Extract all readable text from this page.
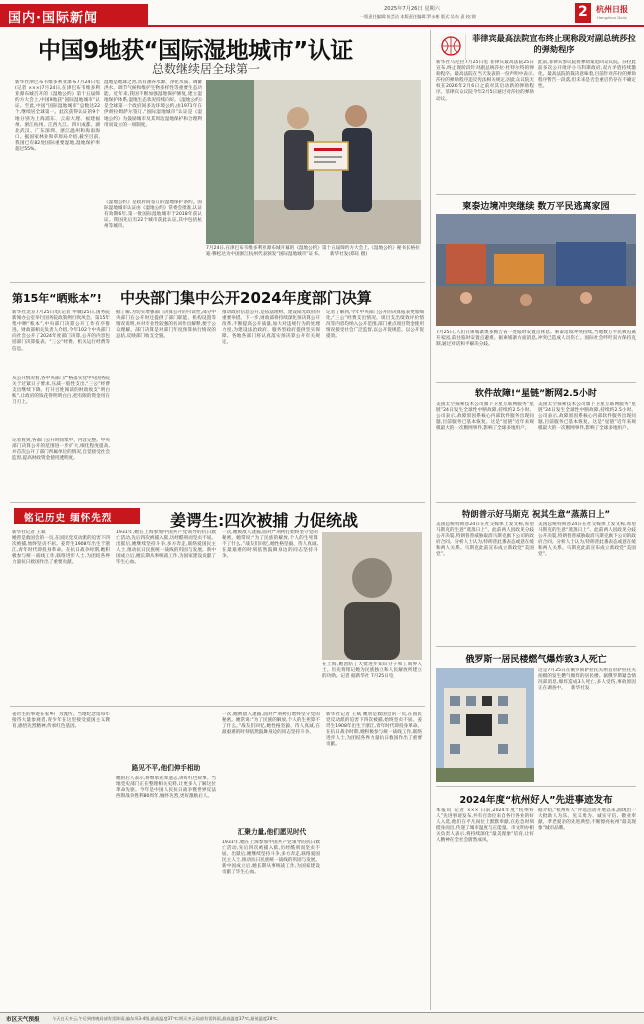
国内·国际新闻
2025年7月26日 星期六
一版责任编辑:侯芸洁 本版责任编辑:罗永彬 版式:吴东 责 校:钢	2 杭州日报
Hangzhou Daily
中国9地获“国际湿地城市”认证
总数继续居全球第一
新华社津巴布韦维多利亚瀑布7月24日电(记者 ×××)7月24日,在津巴布韦维多利亚瀑布城召开的《湿地公约》第十五届缔约方大会上,中国9地获“国际湿地城市”认证。至此,中国“国际湿地城市”总数达22个,继续居全球第一。此次获得认证的9个地分别为上海浦东、云南大理、福建福州、浙江杭州、江西九江、四川成都、湖北武汉、广东深圳、浙江温州和海南海口。据国家林业和草原局介绍,截至目前,我国已有82处国际重要湿地,湿地保护率超过55%。
湿地是地球之肾,具有涵养水源、净化水质、调蓄洪水、调节气候和维护生物多样性等重要生态功能。近年来,我国不断加强湿地保护修复,建立湿地保护体系,湿地生态状况持续向好。《湿地公约》是全球第一个政府间多边环境公约,由1971年在伊朗拉姆萨尔签订,“国际湿地城市”认证是《湿地公约》为鼓励城市及其周边湿地保护和合理利用而设立的一项制度。
《湿地公约》是政府间签订的湿地保护条约。国际湿地城市认证由《湿地公约》常委会批准,认证有效期6年,第一批国际湿地城市于2018年获认证。我国先后有22个城市获此认证,其中包括杭州等城市。
7月24日,在津巴布韦维多利亚瀑布城开幕的《湿地公约》第十五届缔约方大会上,《湿地公约》秘书长格拉迪·穆松达为中国浙江杭州代表颁发“国际湿地城市”证书。 新华社发(郑钰 摄)
第15年“晒账本”! 中央部门集中公开2024年度部门决算
新华社北京7月25日电(记者 申铖)25日,国务院新闻办公室举行国务院政策例行吹风会。第15年集中晒“账本”,中央部门决算公开工作有序推进。财政部相关负责人介绍,今年102个中央部门向社会公开了2024年度部门决算,公开的内容包括部门决算报表、“三公”经费、机关运行经费等信息。
从公开情况看,各中央部门严格落实党中央国务院关于过紧日子要求,压减一般性支出,“三公”经费支出继续下降。打开百姓阅读的财政收支“明白账”,让政府的钱花得明明白白,把有限的资金用在刀刃上。
记者看到,各部门公开时间集中、内容完整。中央部门决算公开的范围进一步扩大,细化程度提高,并首次公开了部门所属单位的情况,自觉接受社会监督,提高财政资金使用透明度。
据了解,为切实增强部门决算公开的可读性,部分中央部门在公开时还提供了部门职能、机构设置等情况说明,并对专业性较强的名词作出解释,便于公众理解。部门决算是对部门年度预算执行情况的总结,反映部门收支全貌。
推动政府信息公开,是依法理财、建设阳光政府的重要举措。下一步,财政部将持续深化预决算公开改革,不断提高公开质量,加大对违规行为的处理力度,为建设法治政府、服务型政府提供坚实保障。各地各部门将认真落实预决算公开有关规定。
记者了解到,今年中央部门公开的决算报表更加细化,“三公”经费支出情况、项目支出绩效评价情况等内容均纳入公开范围,部门重点项目资金使用情况接受社会广泛监督,以公开促规范、以公开促提效。
铭记历史 缅怀先烈	姜谔生:四次被捕 力促统战
新华社记者 王斌
她曾是救国会的一员,在国民党反动派的迫害下四次被捕,始终坚贞不屈。姜谔生1908年出生于浙江,青年时代即投身革命。在抗日战争时期,她积极参与统一战线工作,联络进步人士,为团结各界力量抗日救国作出了重要贡献。
1931年,她在上海参加中国共产党领导的抗日救亡活动,先后四次被捕入狱,历经酷刑而坚贞不屈。出狱后,她继续坚持斗争,多方奔走,联络爱国民主人士,推动抗日民族统一战线的巩固与发展。新中国成立后,她长期从事统战工作,为国家建设贡献了毕生心血。
一次,她被敌人逮捕,面对严刑拷打始终坚守党的秘密。她常说:“为了民族的解放,个人的生死算不了什么。”战友们回忆,她性格坚毅、待人真诚,在最艰难的时刻依然鼓舞身边的同志坚持斗争。
在上海,她团结了大批进步知识分子和工商界人士。历史将铭记她为民族独立和人民解放所建立的功勋。记者 据新华社 7月25日电
姜谔生的事迹在家乡广为流传。当地纪念馆每年接待大量参观者,青少年在这里接受爱国主义教育,感悟先烈精神,传承红色基因。
路见不平,他们伸手相助
她的后人表示,将继承先辈遗志,讲好红色故事。当地党史部门正在整理相关史料,让更多人了解这位革命先驱。今年是中国人民抗日战争暨世界反法西斯战争胜利80周年,缅怀先烈,更好激励后人。
汇聚力量,他们愿见时代
一次,她被敌人逮捕,面对严刑拷打始终坚守党的秘密。她常说:“为了民族的解放,个人的生死算不了什么。”战友们回忆,她性格坚毅、待人真诚,在最艰难的时刻依然鼓舞身边的同志坚持斗争。
1931年,她在上海参加中国共产党领导的抗日救亡活动,先后四次被捕入狱,历经酷刑而坚贞不屈。出狱后,她继续坚持斗争,多方奔走,联络爱国民主人士,推动抗日民族统一战线的巩固与发展。新中国成立后,她长期从事统战工作,为国家建设贡献了毕生心血。
新华社记者 王斌 她曾是救国会的一员,在国民党反动派的迫害下四次被捕,始终坚贞不屈。姜谔生1908年出生于浙江,青年时代即投身革命。在抗日战争时期,她积极参与统一战线工作,联络进步人士,为团结各界力量抗日救国作出了重要贡献。
菲律宾最高法院宣布终止现称段对副总统莎拉的弹劾程序
新华社马尼拉7月25日电 菲律宾最高法院25日宣布,终止现阶段针对副总统莎拉·杜特尔特的弹劾程序。最高法院在当天发表的一份声明中表示,莎拉的弹劾程序违反宪法相关规定,因此众议院无权在2026年2月6日之前对其启动新的弹劾程序。菲律宾众议院今年2月5日通过对莎拉的弹劾动议。
此前,菲律宾参议院将弹劾案退回众议院。莎拉此前多次公开批评小马科斯政府,双方矛盾持续激化。最高法院的裁决意味着,目前针对莎拉的弹劾程序暂告一段落,但未来是否会重启仍存在不确定性。
柬泰边境冲突继续 数万平民逃离家园
7月25日,人们在柬埔寨奥多棉吉省一处临时安置点休息。柬泰边境冲突持续,当地数万平民被迫离开家园,前往临时安置点避难。据柬埔寨方面消息,冲突已造成人员伤亡。国际社会呼吁双方保持克制,通过对话和平解决分歧。
软件故障!“星链”断网2.5小时
美国太空探索技术公司旗下卫星互联网服务“星链”24日发生全球性中断故障,持续约2.5小时。公司表示,故障原因系核心内部软件服务出现问题,目前服务已基本恢复。这是“星链”近年来规模最大的一次断网事件,影响了全球多地用户。
美国太空探索技术公司旗下卫星互联网服务“星链”24日发生全球性中断故障,持续约2.5小时。公司表示,故障原因系核心内部软件服务出现问题,目前服务已基本恢复。这是“星链”近年来规模最大的一次断网事件,影响了全球多地用户。
特朗普示好马斯克 祝其生意“蒸蒸日上”
美国总统特朗普24日在社交媒体上发文称,希望马斯克的生意“蒸蒸日上”。此前两人因政见分歧公开决裂,特朗普曾威胁取消马斯克旗下公司的政府合同。分析人士认为,特朗普此番表态或意在缓和两人关系。马斯克此前宣布成立新政党“美国党”。
美国总统特朗普24日在社交媒体上发文称,希望马斯克的生意“蒸蒸日上”。此前两人因政见分歧公开决裂,特朗普曾威胁取消马斯克旗下公司的政府合同。分析人士认为,特朗普此番表态或意在缓和两人关系。马斯克此前宣布成立新政党“美国党”。
俄罗斯一居民楼燃气爆炸致3人死亡
这是7月25日在俄罗斯萨拉托夫州首府萨拉托夫拍摄的发生燃气爆炸的居民楼。据俄罗斯紧急情况部消息,爆炸造成3人死亡,多人受伤,事故原因正在调查中。 新华社发
2024年度“杭州好人”先进事迹发布
本报讯 记者 ××× 日前,2024年度“杭州好人”先进事迹发布,共有百余位来自各行各业的好人入选,他们在平凡岗位上默默奉献,在危急时刻挺身而出,传递了城市温度与正能量。市文明办相关负责人表示,将持续深化“最美现象”培育,让好人精神在全社会蔚然成风。
据介绍,“杭州好人”评选活动开展以来,涌现出一大批助人为乐、见义勇为、诚实守信、敬业奉献、孝老爱亲的先进典型,不断擦亮杭州“最美现象”城市品牌。
市区天气预报	今天白天多云,午后到傍晚局部有雷阵雨,偏东风3-4级,最高温度37℃;明天多云局部有雷阵雨,最高温度37℃,最低温度28℃。
